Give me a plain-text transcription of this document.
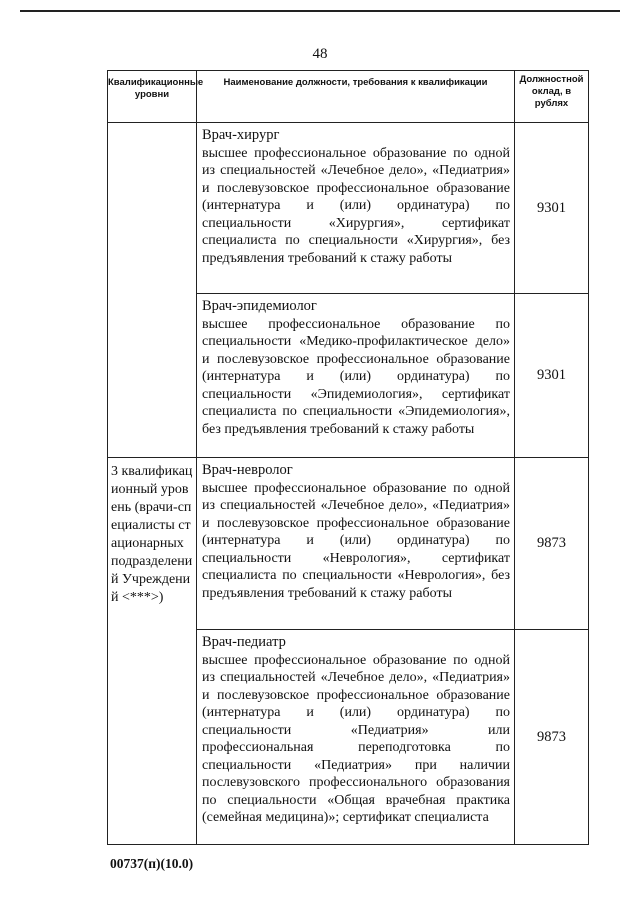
48
Квалификационные уровни	Наименование должности, требования к квалификации	Должностной оклад, в рублях

	Врач-хирург
высшее профессиональное образование по одной из специальностей «Лечебное дело», «Педиатрия» и послевузовское профессиональное образование (интернатура и (или) ординатура) по специальности «Хирургия», сертификат специалиста по специальности «Хирургия», без предъявления требований к стажу работы	9301

	Врач-эпидемиолог
высшее профессиональное образование по специальности «Медико-профилактическое дело» и послевузовское профессиональное образование (интернатура и (или) ординатура) по специальности «Эпидемиология», сертификат специалиста по специальности «Эпидемиология», без предъявления требований к стажу работы	9301
3 квалификационный уровень (врачи-специалисты стационарных подразделений Учреждений <***>)	Врач-невролог
высшее профессиональное образование по одной из специальностей «Лечебное дело», «Педиатрия» и послевузовское профессиональное образование (интернатура и (или) ординатура) по специальности «Неврология», сертификат специалиста по специальности «Неврология», без предъявления требований к стажу работы	9873

	Врач-педиатр
высшее профессиональное образование по одной из специальностей «Лечебное дело», «Педиатрия» и послевузовское профессиональное образование (интернатура и (или) ординатура) по специальности «Педиатрия» или профессиональная переподготовка по специальности «Педиатрия» при наличии послевузовского профессионального образования по специальности «Общая врачебная практика (семейная медицина)»; сертификат специалиста	9873
00737(п)(10.0)
